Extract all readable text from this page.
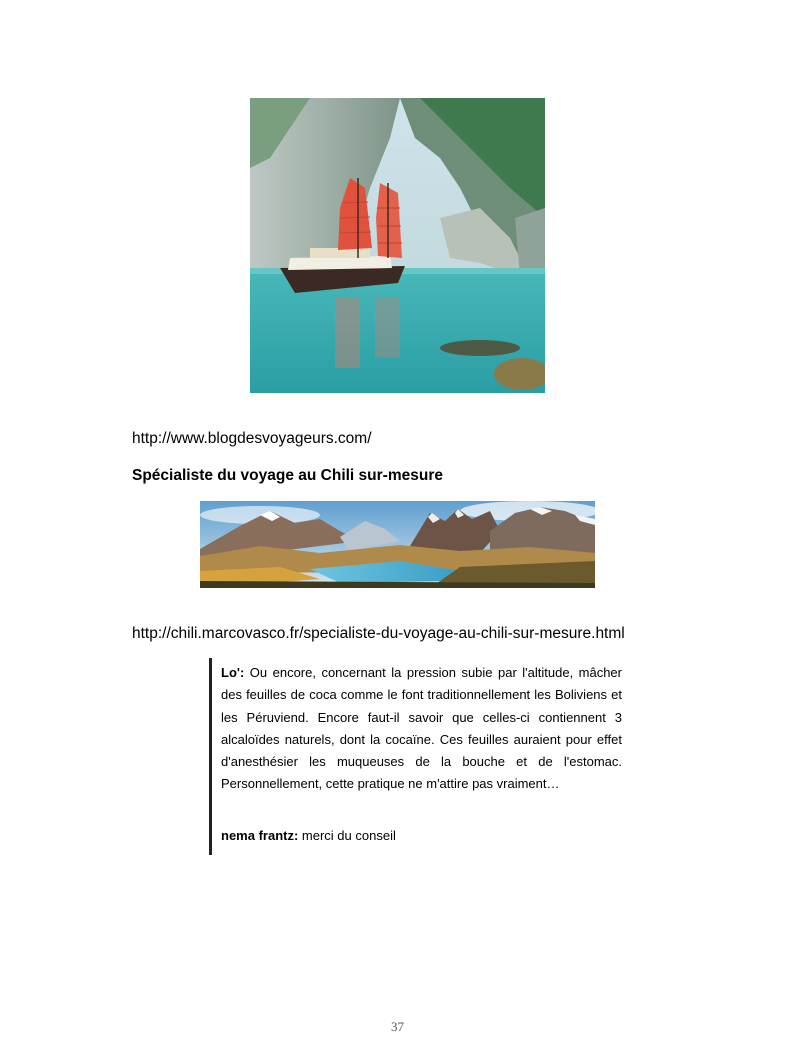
http://www.blogdesvoyageurs.com/
Spécialiste du voyage au Chili sur-mesure
http://chili.marcovasco.fr/specialiste-du-voyage-au-chili-sur-mesure.html
Lo': Ou encore, concernant la pression subie par l'altitude, mâcher des feuilles de coca comme le font traditionnellement les Boliviens et les Péruviend. Encore faut-il savoir que celles-ci contiennent 3 alcaloïdes naturels, dont la cocaïne. Ces feuilles auraient pour effet d'anesthésier les muqueuses de la bouche et de l'estomac. Personnellement, cette pratique ne m'attire pas vraiment…
nema frantz: merci du conseil
37
